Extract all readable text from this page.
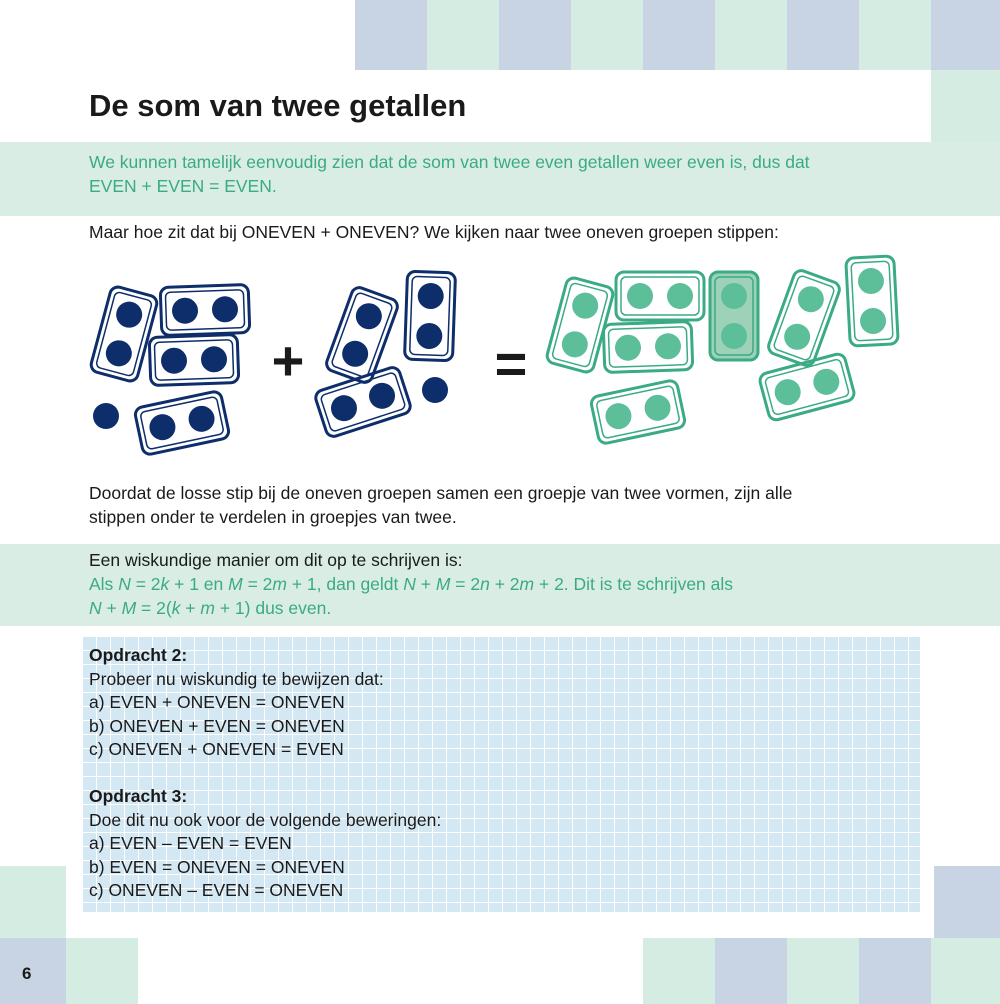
De som van twee getallen
We kunnen tamelijk eenvoudig zien dat de som van twee even getallen weer even is, dus dat
EVEN + EVEN = EVEN.
Maar hoe zit dat bij ONEVEN + ONEVEN? We kijken naar twee oneven groepen stippen:
+	=
Doordat de losse stip bij de oneven groepen samen een groepje van twee vormen, zijn alle
stippen onder te verdelen in groepjes van twee.
Een wiskundige manier om dit op te schrijven is:
Als N = 2k + 1 en M = 2m + 1, dan geldt N + M = 2n + 2m + 2. Dit is te schrijven als
N + M = 2(k + m + 1) dus even.
Opdracht 2:
Probeer nu wiskundig te bewijzen dat:
a) EVEN + ONEVEN = ONEVEN
b) ONEVEN + EVEN = ONEVEN
c) ONEVEN + ONEVEN = EVEN
Opdracht 3:
Doe dit nu ook voor de volgende beweringen:
a) EVEN – EVEN = EVEN
b) EVEN = ONEVEN = ONEVEN
c) ONEVEN – EVEN = ONEVEN
6
